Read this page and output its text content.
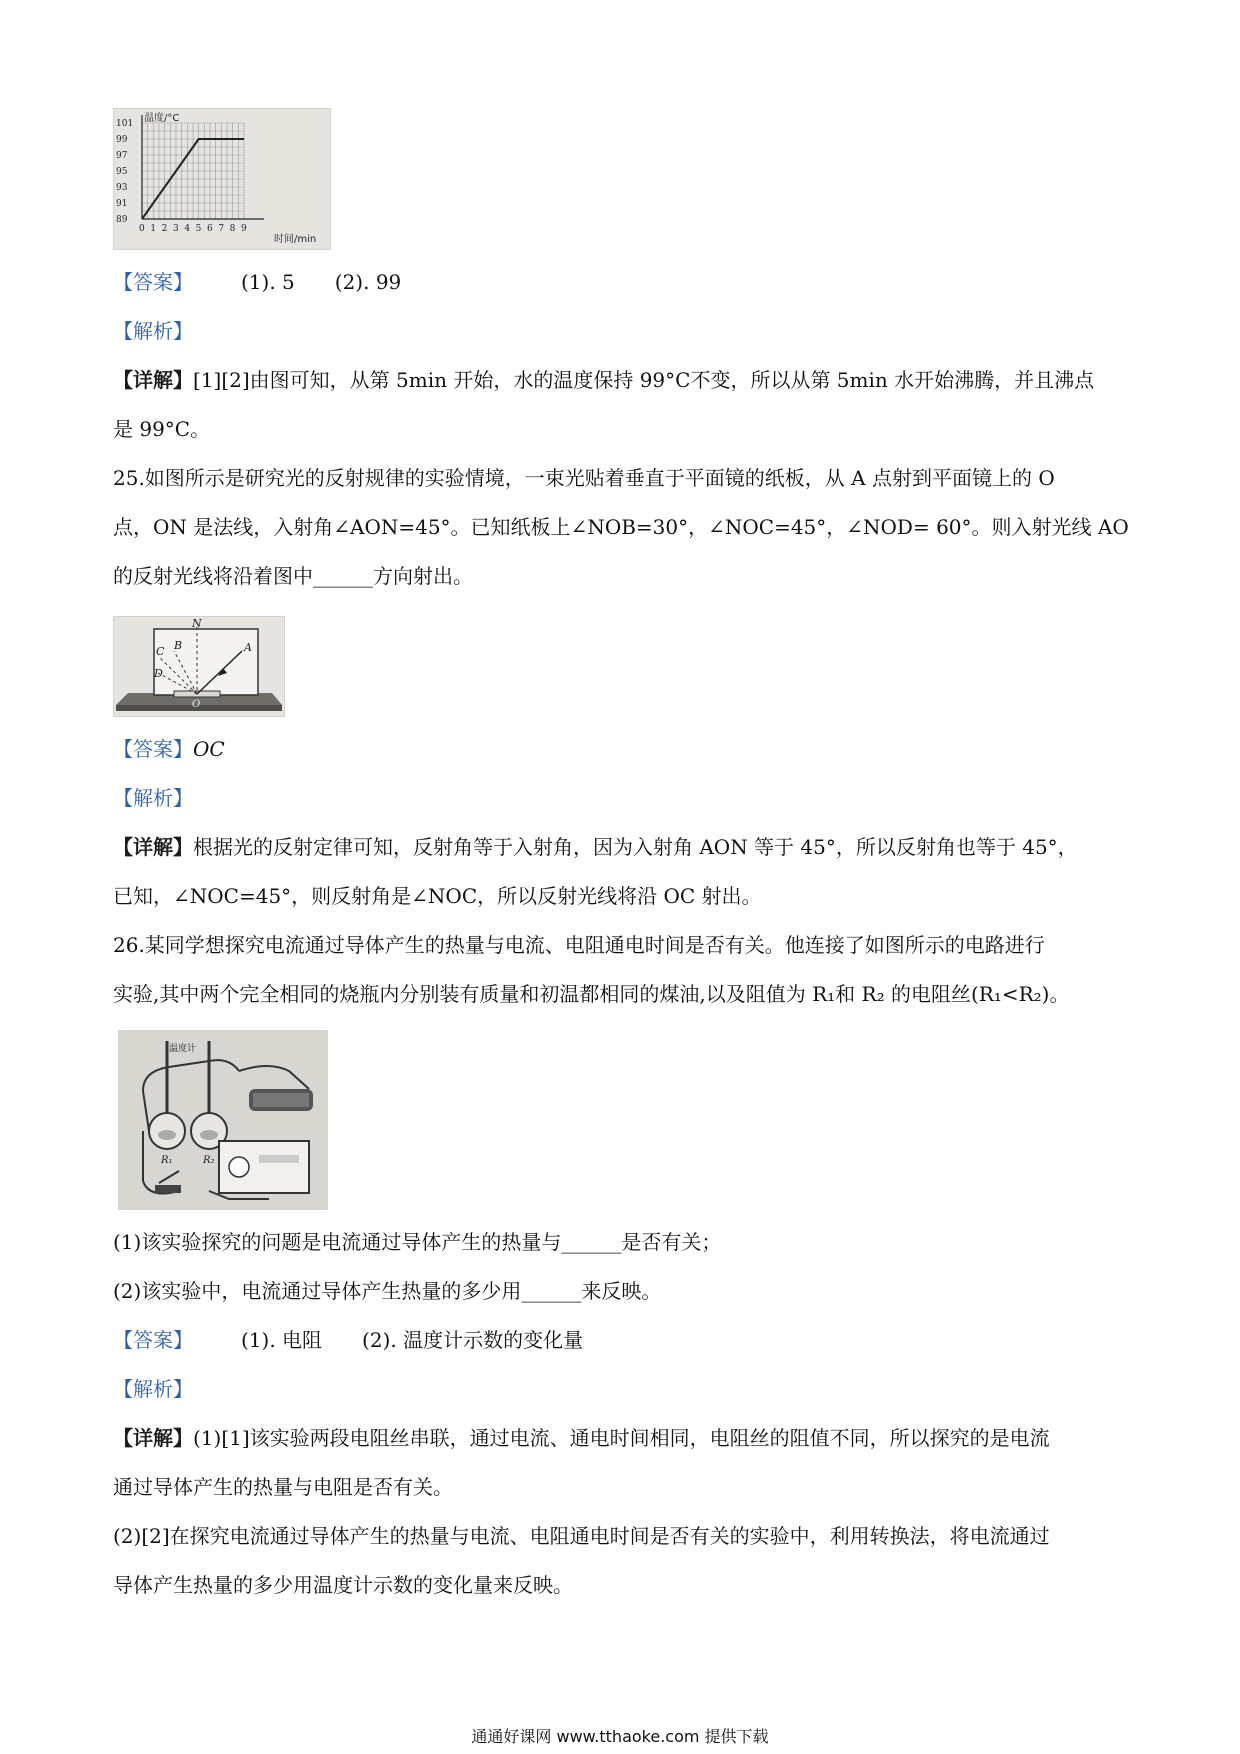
101
99
97
95
93
91
89
0 1 2 3 4 5 6 7 8 9
温度/°C
时间/min
【答案】 (1). 5 (2). 99
【解析】
【详解】[1][2]由图可知，从第 5min 开始，水的温度保持 99°C不变，所以从第 5min 水开始沸腾，并且沸点
是 99°C。
25.如图所示是研究光的反射规律的实验情境，一束光贴着垂直于平面镜的纸板，从 A 点射到平面镜上的 O
点，ON 是法线，入射角∠AON=45°。已知纸板上∠NOB=30°，∠NOC=45°，∠NOD= 60°。则入射光线 AO
的反射光线将沿着图中______方向射出。
N
A
B
C
D
O
【答案】OC
【解析】
【详解】根据光的反射定律可知，反射角等于入射角，因为入射角 AON 等于 45°，所以反射角也等于 45°，
已知，∠NOC=45°，则反射角是∠NOC，所以反射光线将沿 OC 射出。
26.某同学想探究电流通过导体产生的热量与电流、电阻通电时间是否有关。他连接了如图所示的电路进行
实验,其中两个完全相同的烧瓶内分别装有质量和初温都相同的煤油,以及阻值为 R₁和 R₂ 的电阻丝(R₁<R₂)。
温度计
R₁	R₂
(1)该实验探究的问题是电流通过导体产生的热量与______是否有关；
(2)该实验中，电流通过导体产生热量的多少用______来反映。
【答案】 (1). 电阻 (2). 温度计示数的变化量
【解析】
【详解】(1)[1]该实验两段电阻丝串联，通过电流、通电时间相同，电阻丝的阻值不同，所以探究的是电流
通过导体产生的热量与电阻是否有关。
(2)[2]在探究电流通过导体产生的热量与电流、电阻通电时间是否有关的实验中，利用转换法，将电流通过
导体产生热量的多少用温度计示数的变化量来反映。
通通好课网 www.tthaoke.com 提供下载
